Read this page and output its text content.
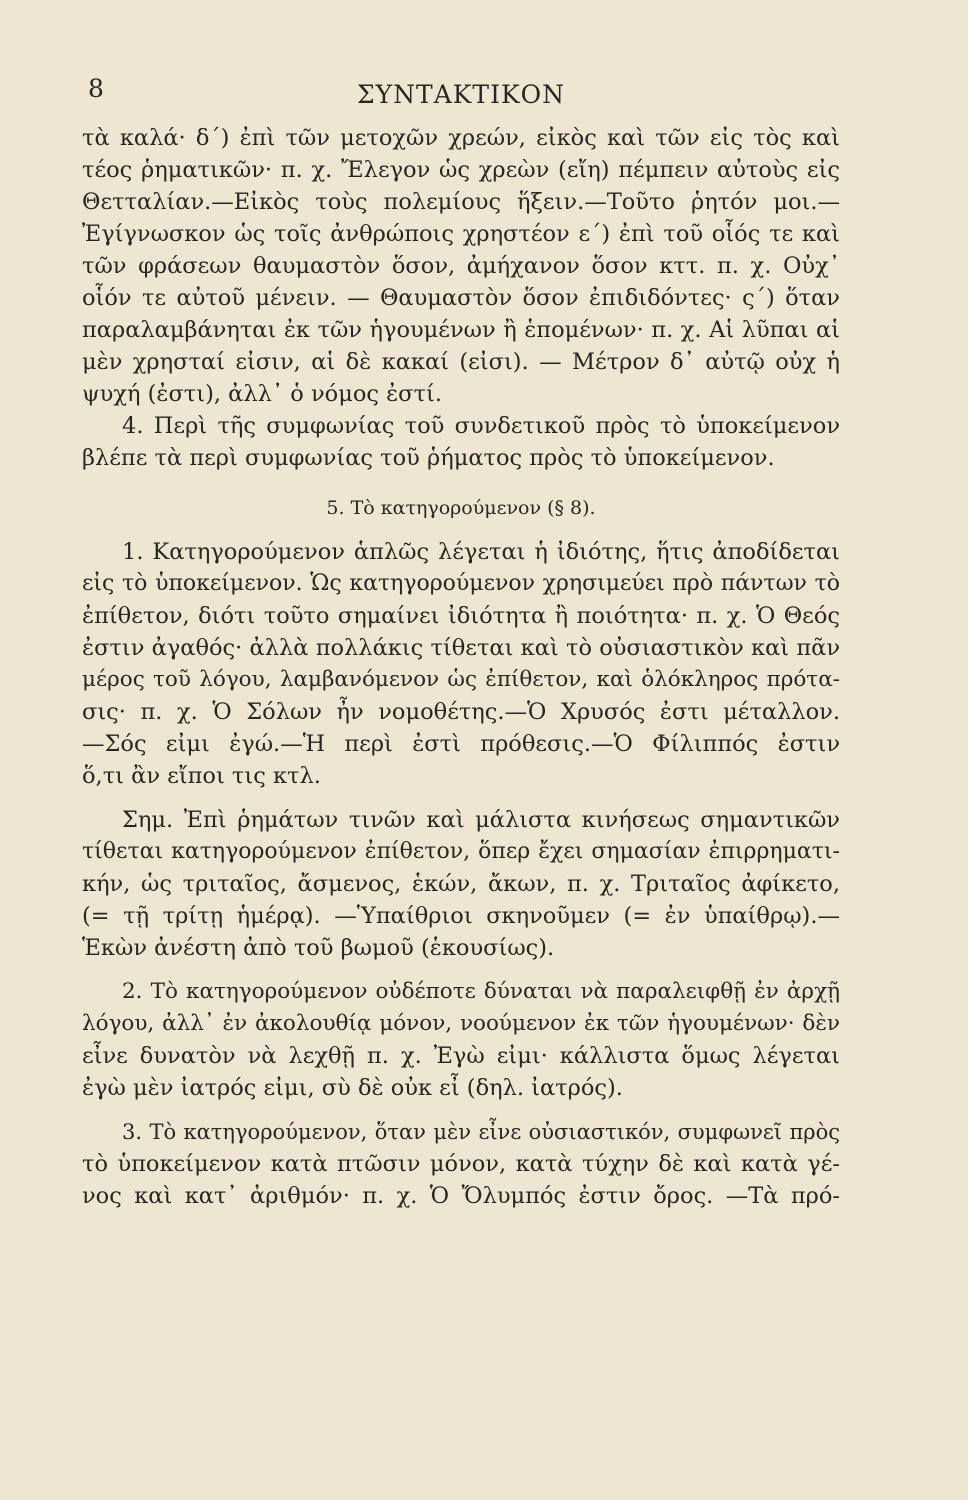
8	ΣΥΝΤΑΚΤΙΚΟΝ
τὰ καλά· δ΄) ἐπὶ τῶν μετοχῶν χρεών, εἰκὸς καὶ τῶν εἰς τὸς καὶ
τέος ῥηματικῶν· π. χ. Ἔλεγον ὡς χρεὼν (εἴη) πέμπειν αὐτοὺς εἰς
Θετταλίαν.—Εἰκὸς τοὺς πολεμίους ἥξειν.—Τοῦτο ῥητόν μοι.—
Ἐγίγνωσκον ὡς τοῖς ἀνθρώποις χρηστέον ε΄) ἐπὶ τοῦ οἷός τε καὶ
τῶν φράσεων θαυμαστὸν ὅσον, ἀμήχανον ὅσον κττ. π. χ. Οὐχ᾽
οἷόν τε αὐτοῦ μένειν. — Θαυμαστὸν ὅσον ἐπιδιδόντες· ς΄) ὅταν
παραλαμβάνηται ἐκ τῶν ἡγουμένων ἢ ἑπομένων· π. χ. Αἱ λῦπαι αἱ
μὲν χρησταί εἰσιν, αἱ δὲ κακαί (εἰσι). — Μέτρον δ᾽ αὐτῷ οὐχ ἡ
ψυχή (ἐστι), ἀλλ᾽ ὁ νόμος ἐστί.
4. Περὶ τῆς συμφωνίας τοῦ συνδετικοῦ πρὸς τὸ ὑποκείμενον
βλέπε τὰ περὶ συμφωνίας τοῦ ῥήματος πρὸς τὸ ὑποκείμενον.
5. Τὸ κατηγορούμενον (§ 8).
1. Κατηγορούμενον ἁπλῶς λέγεται ἡ ἰδιότης, ἥτις ἀποδίδεται
εἰς τὸ ὑποκείμενον. Ὡς κατηγορούμενον χρησιμεύει πρὸ πάντων τὸ
ἐπίθετον, διότι τοῦτο σημαίνει ἰδιότητα ἢ ποιότητα· π. χ. Ὁ Θεός
ἐστιν ἀγαθός· ἀλλὰ πολλάκις τίθεται καὶ τὸ οὐσιαστικὸν καὶ πᾶν
μέρος τοῦ λόγου, λαμβανόμενον ὡς ἐπίθετον, καὶ ὁλόκληρος πρότα-
σις· π. χ. Ὁ Σόλων ἦν νομοθέτης.—Ὁ Χρυσός ἐστι μέταλλον.
—Σός εἰμι ἐγώ.—Ἡ περὶ ἐστὶ πρόθεσις.—Ὁ Φίλιππός ἐστιν
ὅ,τι ἂν εἴποι τις κτλ.
Σημ. Ἐπὶ ῥημάτων τινῶν καὶ μάλιστα κινήσεως σημαντικῶν
τίθεται κατηγορούμενον ἐπίθετον, ὅπερ ἔχει σημασίαν ἐπιρρηματι-
κήν, ὡς τριταῖος, ἄσμενος, ἑκών, ἄκων, π. χ. Τριταῖος ἀφίκετο,
(= τῇ τρίτῃ ἡμέρᾳ). —Ὑπαίθριοι σκηνοῦμεν (= ἐν ὑπαίθρῳ).—
Ἑκὼν ἀνέστη ἀπὸ τοῦ βωμοῦ (ἑκουσίως).
2. Τὸ κατηγορούμενον οὐδέποτε δύναται νὰ παραλειφθῇ ἐν ἀρχῇ
λόγου, ἀλλ᾽ ἐν ἀκολουθίᾳ μόνον, νοούμενον ἐκ τῶν ἡγουμένων· δὲν
εἶνε δυνατὸν νὰ λεχθῇ π. χ. Ἐγὼ εἰμι· κάλλιστα ὅμως λέγεται
ἐγὼ μὲν ἰατρός εἰμι, σὺ δὲ οὐκ εἶ (δηλ. ἰατρός).
3. Τὸ κατηγορούμενον, ὅταν μὲν εἶνε οὐσιαστικόν, συμφωνεῖ πρὸς
τὸ ὑποκείμενον κατὰ πτῶσιν μόνον, κατὰ τύχην δὲ καὶ κατὰ γέ-
νος καὶ κατ᾽ ἀριθμόν· π. χ. Ὁ Ὄλυμπός ἐστιν ὄρος. —Τὰ πρό-
